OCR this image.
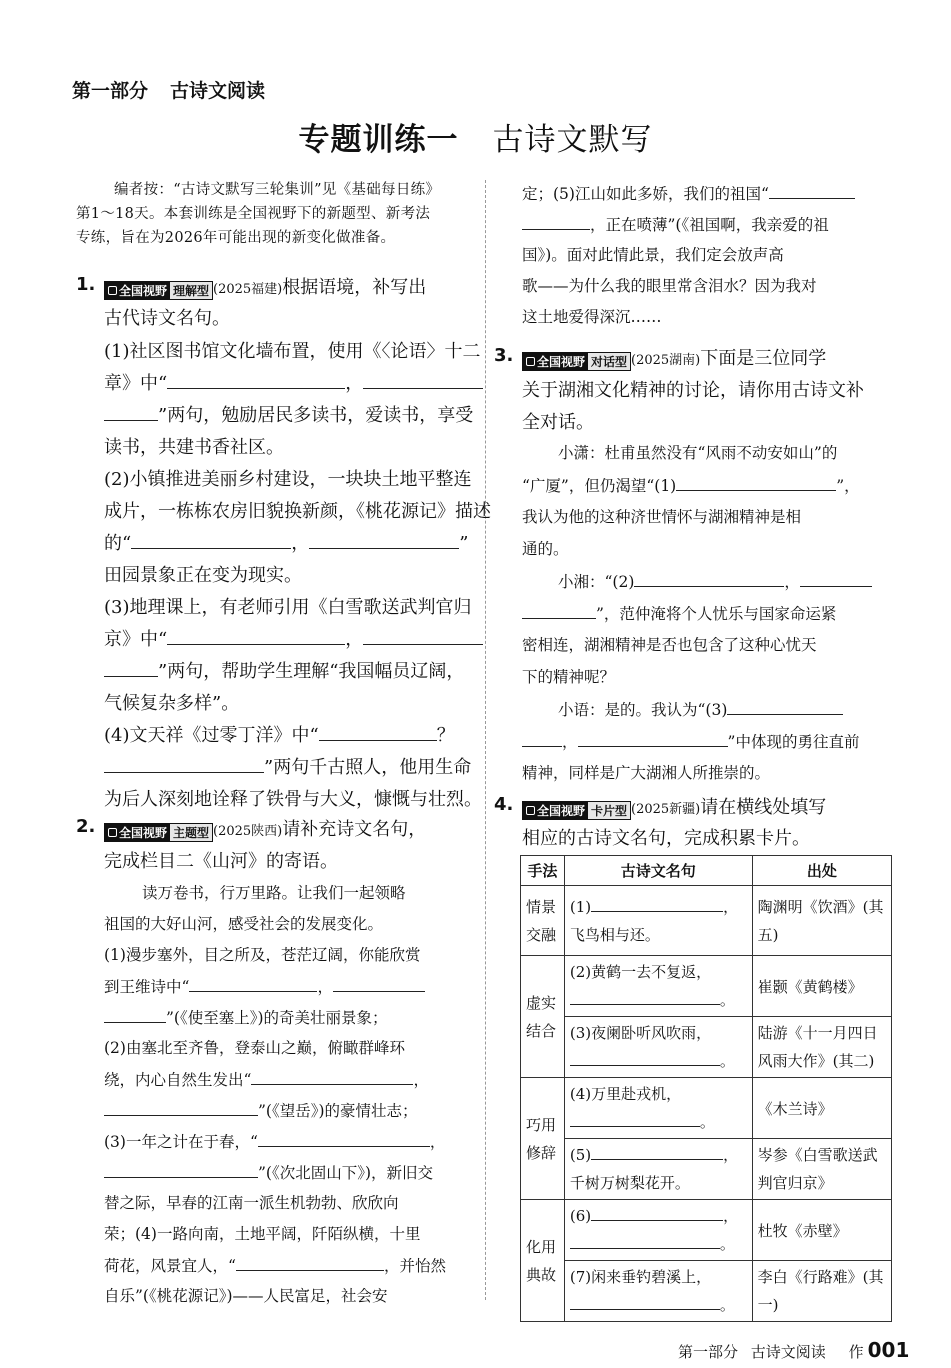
第一部分 古诗文阅读
专题训练一 古诗文默写
编者按：“古诗文默写三轮集训”见《基础每日练》
第1～18天。本套训练是全国视野下的新题型、新考法
专练，旨在为2026年可能出现的新变化做准备。
1. 全国视野 理解型 (2025福建)根据语境，补写出
古代诗文名句。
(1)社区图书馆文化墙布置，使用《〈论语〉十二
章》中“	，
”两句，勉励居民多读书，爱读书，享受
读书，共建书香社区。
(2)小镇推进美丽乡村建设，一块块土地平整连
成片，一栋栋农房旧貌换新颜，《桃花源记》描述
的“	，	”
田园景象正在变为现实。
(3)地理课上，有老师引用《白雪歌送武判官归
京》中“	，
”两句，帮助学生理解“我国幅员辽阔，
气候复杂多样”。
(4)文天祥《过零丁洋》中“	？
”两句千古照人，他用生命
为后人深刻地诠释了铁骨与大义，慷慨与壮烈。
2. 全国视野 主题型 (2025陕西)请补充诗文名句，
完成栏目二《山河》的寄语。
读万卷书，行万里路。让我们一起领略
祖国的大好山河，感受社会的发展变化。
(1)漫步塞外，目之所及，苍茫辽阔，你能欣赏
到王维诗中“	，
”(《使至塞上》)的奇美壮丽景象；
(2)由塞北至齐鲁，登泰山之巅，俯瞰群峰环
绕，内心自然生发出“	，
”(《望岳》)的豪情壮志；
(3)一年之计在于春，“	，
”(《次北固山下》)，新旧交
替之际，早春的江南一派生机勃勃、欣欣向
荣；(4)一路向南，土地平阔，阡陌纵横，十里
荷花，风景宜人，“	，并怡然
自乐”(《桃花源记》)——人民富足，社会安
定；(5)江山如此多娇，我们的祖国“
，正在喷薄”(《祖国啊，我亲爱的祖
国》)。面对此情此景，我们定会放声高
歌——为什么我的眼里常含泪水？因为我对
这土地爱得深沉……
3. 全国视野 对话型 (2025湖南)下面是三位同学
关于湖湘文化精神的讨论，请你用古诗文补
全对话。
小潇：杜甫虽然没有“风雨不动安如山”的
“广厦”，但仍渴望“(1)	”，
我认为他的这种济世情怀与湖湘精神是相
通的。
小湘：“(2)	，
”，范仲淹将个人忧乐与国家命运紧
密相连，湖湘精神是否也包含了这种心忧天
下的精神呢？
小语：是的。我认为“(3)
，	”中体现的勇往直前
精神，同样是广大湖湘人所推崇的。
4. 全国视野 卡片型 (2025新疆)请在横线处填写
相应的古诗文名句，完成积累卡片。
手法	古诗文名句	出处
情景交融	(1) ，
飞鸟相与还。	陶渊明《饮酒》(其五)
虚实结合	(2)黄鹤一去不复返，
。	崔颢《黄鹤楼》

	(3)夜阑卧听风吹雨，
。	陆游《十一月四日风雨大作》(其二)
巧用修辞	(4)万里赴戎机，
。	《木兰诗》

	(5) ，
千树万树梨花开。	岑参《白雪歌送武判官归京》
化用典故	(6) ，
。	杜牧《赤壁》

	(7)闲来垂钓碧溪上，
。	李白《行路难》(其一)
第一部分 古诗文阅读 作 001
